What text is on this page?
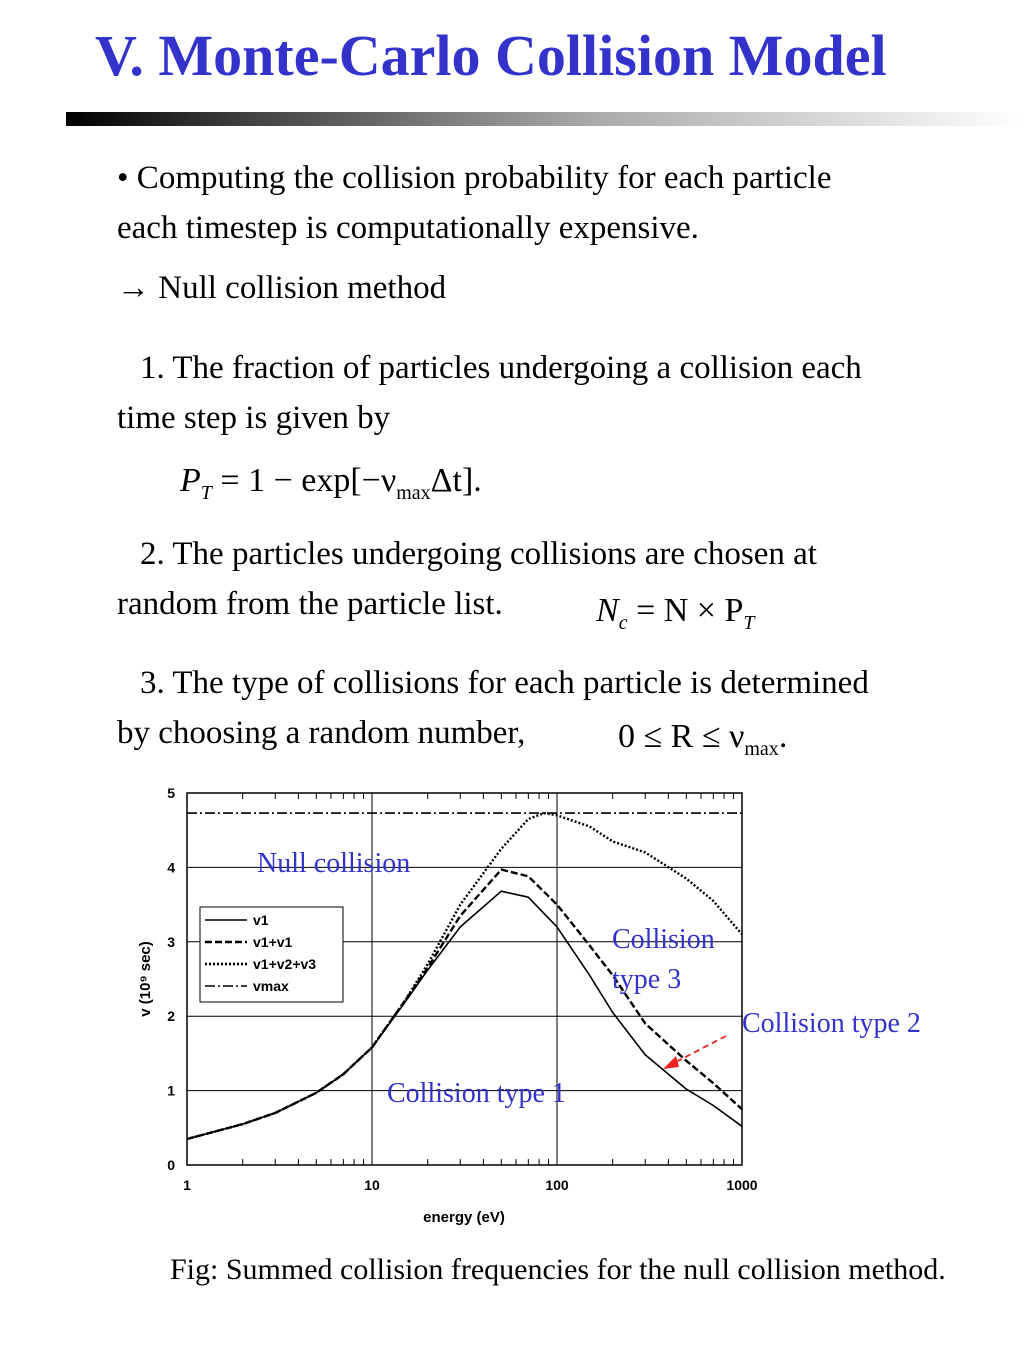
V. Monte-Carlo Collision Model

• Computing the collision probability for each particle

each timestep is computationally expensive.

→ Null collision method

1. The fraction of particles undergoing a collision each

time step is given by

$P_T = 1 - \exp[-\nu_{max}\Delta t]$.

2. The particles undergoing collisions are chosen at

random from the particle list.	$N_c = N \times P_T$

3. The type of collisions for each particle is determined

by choosing a random number,	$0 \le R \le \nu_{max}$.
1	10	100	1000
0
1
2
3
4
5
energy (eV)
v (10⁹ sec)
v1
v1+v1
v1+v2+v3
vmax
Null collision
Collision type 3
Collision type 2
Collision type 1

Fig: Summed collision frequencies for the null collision method.
